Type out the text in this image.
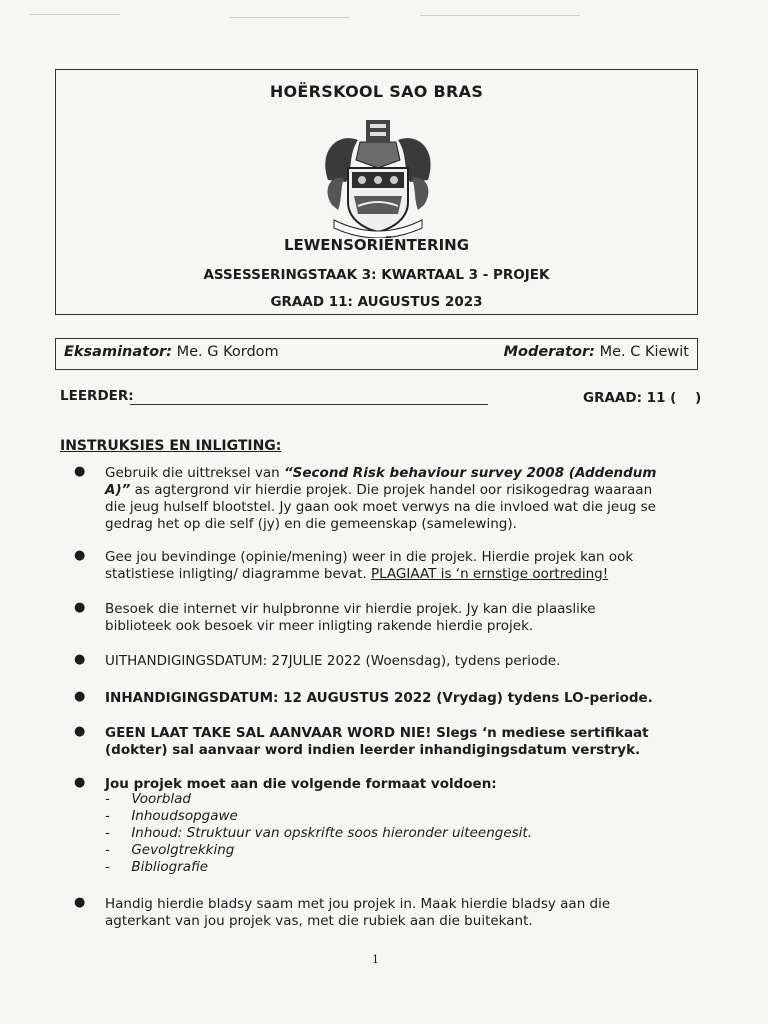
HOËRSKOOL SAO BRAS
LEWENSORIËNTERING
ASSESSERINGSTAAK 3: KWARTAAL 3 - PROJEK
GRAAD 11: AUGUSTUS 2023
Eksaminator: Me. G Kordom	Moderator: Me. C Kiewit
LEERDER:	GRAAD: 11 (    )
INSTRUKSIES EN INLIGTING:
● Gebruik die uittreksel van “Second Risk behaviour survey 2008 (Addendum A)” as agtergrond vir hierdie projek. Die projek handel oor risikogedrag waaraan die jeug hulself blootstel. Jy gaan ook moet verwys na die invloed wat die jeug se gedrag het op die self (jy) en die gemeenskap (samelewing).
● Gee jou bevindinge (opinie/mening) weer in die projek. Hierdie projek kan ook statistiese inligting/ diagramme bevat. PLAGIAAT is ‘n ernstige oortreding!
● Besoek die internet vir hulpbronne vir hierdie projek. Jy kan die plaaslike biblioteek ook besoek vir meer inligting rakende hierdie projek.
● UITHANDIGINGSDATUM: 27JULIE 2022 (Woensdag), tydens periode.
● INHANDIGINGSDATUM: 12 AUGUSTUS 2022 (Vrydag) tydens LO-periode.
● GEEN LAAT TAKE SAL AANVAAR WORD NIE! Slegs ‘n mediese sertifikaat (dokter) sal aanvaar word indien leerder inhandigingsdatum verstryk.
● Jou projek moet aan die volgende formaat voldoen:
-     Voorblad
-     Inhoudsopgawe
-     Inhoud: Struktuur van opskrifte soos hieronder uiteengesit.
-     Gevolgtrekking
-     Bibliografie
● Handig hierdie bladsy saam met jou projek in. Maak hierdie bladsy aan die agterkant van jou projek vas, met die rubiek aan die buitekant.
1
